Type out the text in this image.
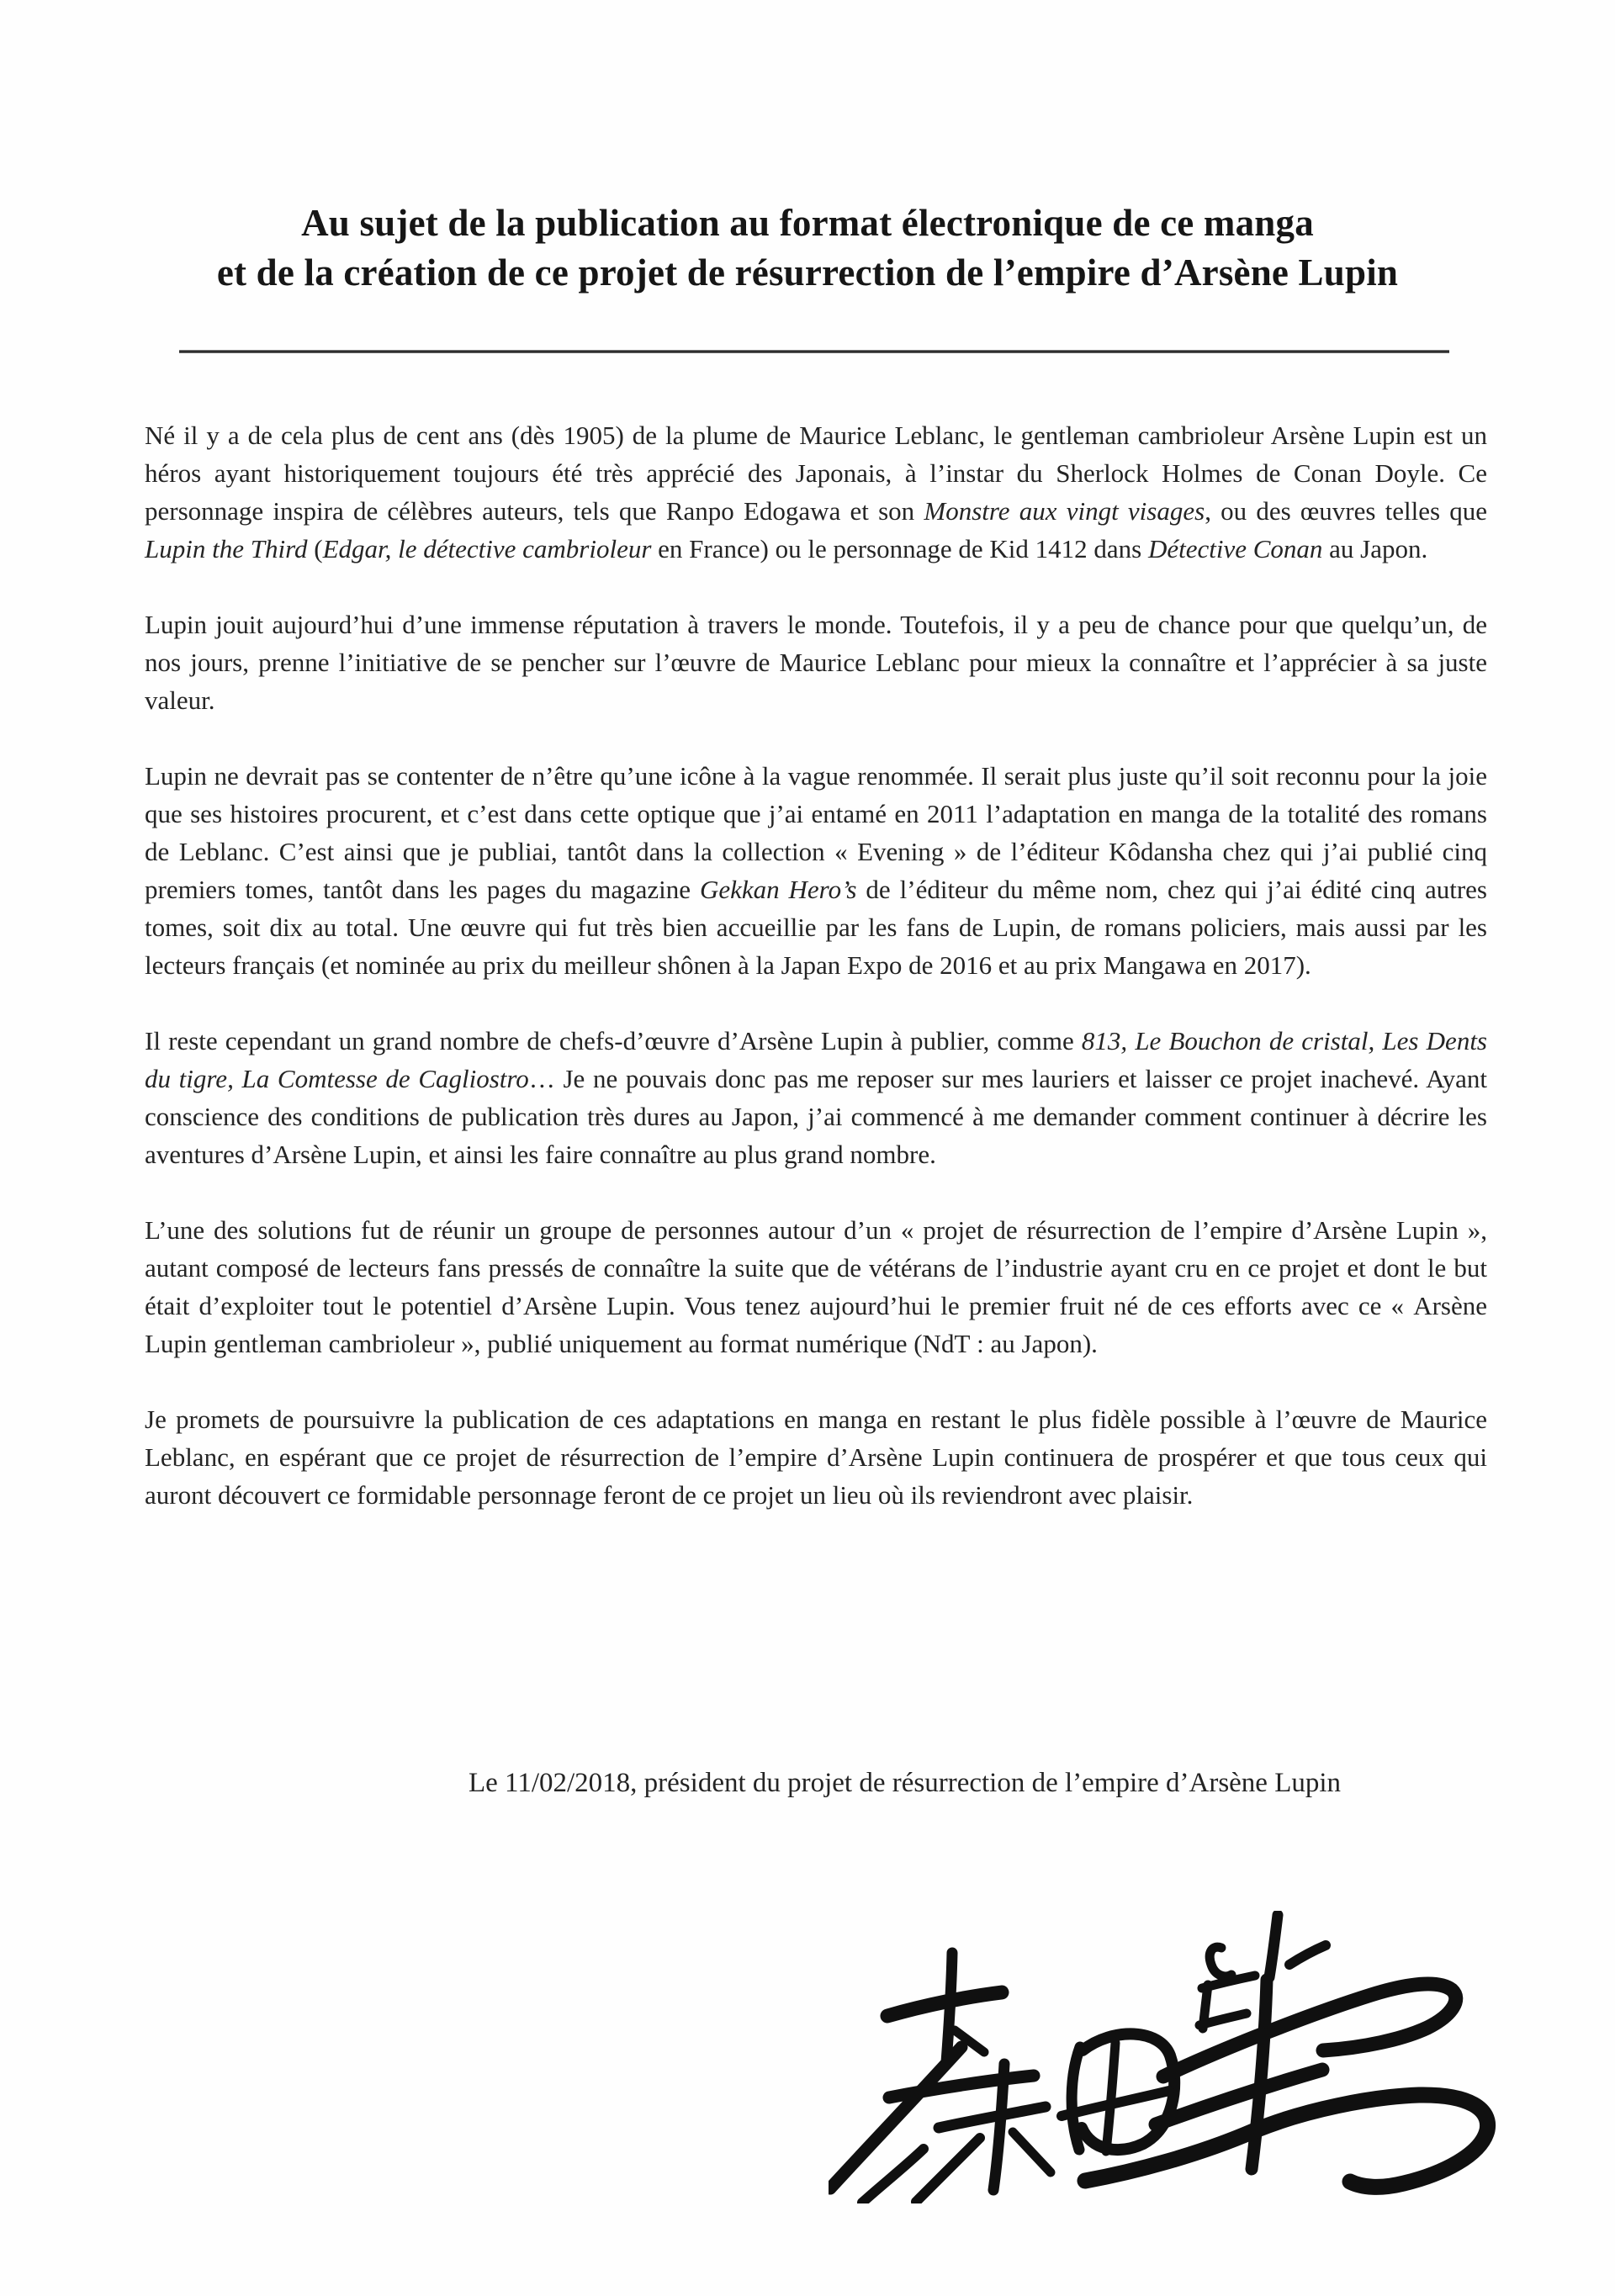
Au sujet de la publication au format électronique de ce manga
et de la création de ce projet de résurrection de l’empire d’Arsène Lupin

Né il y a de cela plus de cent ans (dès 1905) de la plume de Maurice Leblanc, le gentleman cambrioleur Arsène Lupin est un héros ayant historiquement toujours été très apprécié des Japonais, à l’instar du Sherlock Holmes de Conan Doyle. Ce personnage inspira de célèbres auteurs, tels que Ranpo Edogawa et son Monstre aux vingt visages, ou des œuvres telles que Lupin the Third (Edgar, le détective cambrioleur en France) ou le personnage de Kid 1412 dans Détective Conan au Japon.

Lupin jouit aujourd’hui d’une immense réputation à travers le monde. Toutefois, il y a peu de chance pour que quelqu’un, de nos jours, prenne l’initiative de se pencher sur l’œuvre de Maurice Leblanc pour mieux la connaître et l’apprécier à sa juste valeur.

Lupin ne devrait pas se contenter de n’être qu’une icône à la vague renommée. Il serait plus juste qu’il soit reconnu pour la joie que ses histoires procurent, et c’est dans cette optique que j’ai entamé en 2011 l’adaptation en manga de la totalité des romans de Leblanc. C’est ainsi que je publiai, tantôt dans la collection « Evening » de l’éditeur Kôdansha chez qui j’ai publié cinq premiers tomes, tantôt dans les pages du magazine Gekkan Hero’s de l’éditeur du même nom, chez qui j’ai édité cinq autres tomes, soit dix au total. Une œuvre qui fut très bien accueillie par les fans de Lupin, de romans policiers, mais aussi par les lecteurs français (et nominée au prix du meilleur shônen à la Japan Expo de 2016 et au prix Mangawa en 2017).

Il reste cependant un grand nombre de chefs-d’œuvre d’Arsène Lupin à publier, comme 813, Le Bouchon de cristal, Les Dents du tigre, La Comtesse de Cagliostro… Je ne pouvais donc pas me reposer sur mes lauriers et laisser ce projet inachevé. Ayant conscience des conditions de publication très dures au Japon, j’ai commencé à me demander comment continuer à décrire les aventures d’Arsène Lupin, et ainsi les faire connaître au plus grand nombre.

L’une des solutions fut de réunir un groupe de personnes autour d’un « projet de résurrection de l’empire d’Arsène Lupin », autant composé de lecteurs fans pressés de connaître la suite que de vétérans de l’industrie ayant cru en ce projet et dont le but était d’exploiter tout le potentiel d’Arsène Lupin. Vous tenez aujourd’hui le premier fruit né de ces efforts avec ce « Arsène Lupin gentleman cambrioleur », publié uniquement au format numérique (NdT : au Japon).

Je promets de poursuivre la publication de ces adaptations en manga en restant le plus fidèle possible à l’œuvre de Maurice Leblanc, en espérant que ce projet de résurrection de l’empire d’Arsène Lupin continuera de prospérer et que tous ceux qui auront découvert ce formidable personnage feront de ce projet un lieu où ils reviendront avec plaisir.

Le 11/02/2018, président du projet de résurrection de l’empire d’Arsène Lupin
